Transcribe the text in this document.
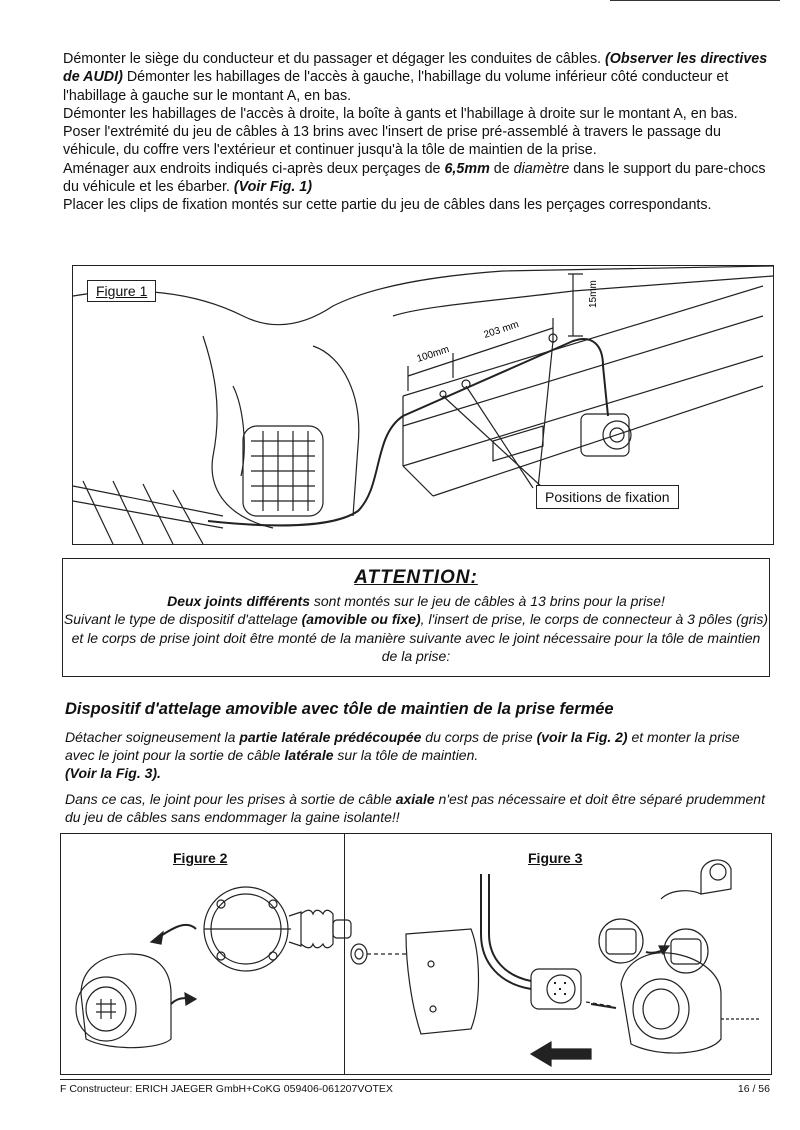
Démonter le siège du conducteur et du passager et dégager les conduites de câbles. (Observer les directives de AUDI) Démonter les habillages de l'accès à gauche, l'habillage du volume inférieur côté conducteur et l'habillage à gauche sur le montant A, en bas.

Démonter les habillages de l'accès à droite, la boîte à gants et l'habillage à droite sur le montant A, en bas.

Poser l'extrémité du jeu de câbles à 13 brins avec l'insert de prise pré-assemblé à travers le passage du véhicule, du coffre vers l'extérieur et continuer jusqu'à la tôle de maintien de la prise.

Aménager aux endroits indiqués ci-après deux perçages de 6,5mm de diamètre dans le support du pare-chocs du véhicule et les ébarber. (Voir Fig. 1)

Placer les clips de fixation montés sur cette partie du jeu de câbles dans les perçages correspondants.

100mm
203 mm
15mm
Figure 1
Positions de fixation
ATTENTION:

Deux joints différents sont montés sur le jeu de câbles à 13 brins pour la prise!

Suivant le type de dispositif d'attelage (amovible ou fixe), l'insert de prise, le corps de connecteur à 3 pôles (gris) et le corps de prise joint doit être monté de la manière suivante avec le joint nécessaire pour la tôle de maintien de la prise:

Dispositif d'attelage amovible avec tôle de maintien de la prise fermée

Détacher soigneusement la partie latérale prédécoupée du corps de prise (voir la Fig. 2) et monter la prise avec le joint pour la sortie de câble latérale sur la tôle de maintien.
(Voir la Fig. 3).

Dans ce cas, le joint pour les prises à sortie de câble axiale n'est pas nécessaire et doit être séparé prudemment du jeu de câbles sans endommager la gaine isolante!!

Figure 2	Figure 3
F Constructeur: ERICH JAEGER GmbH+CoKG 059406-061207VOTEX	16 / 56
